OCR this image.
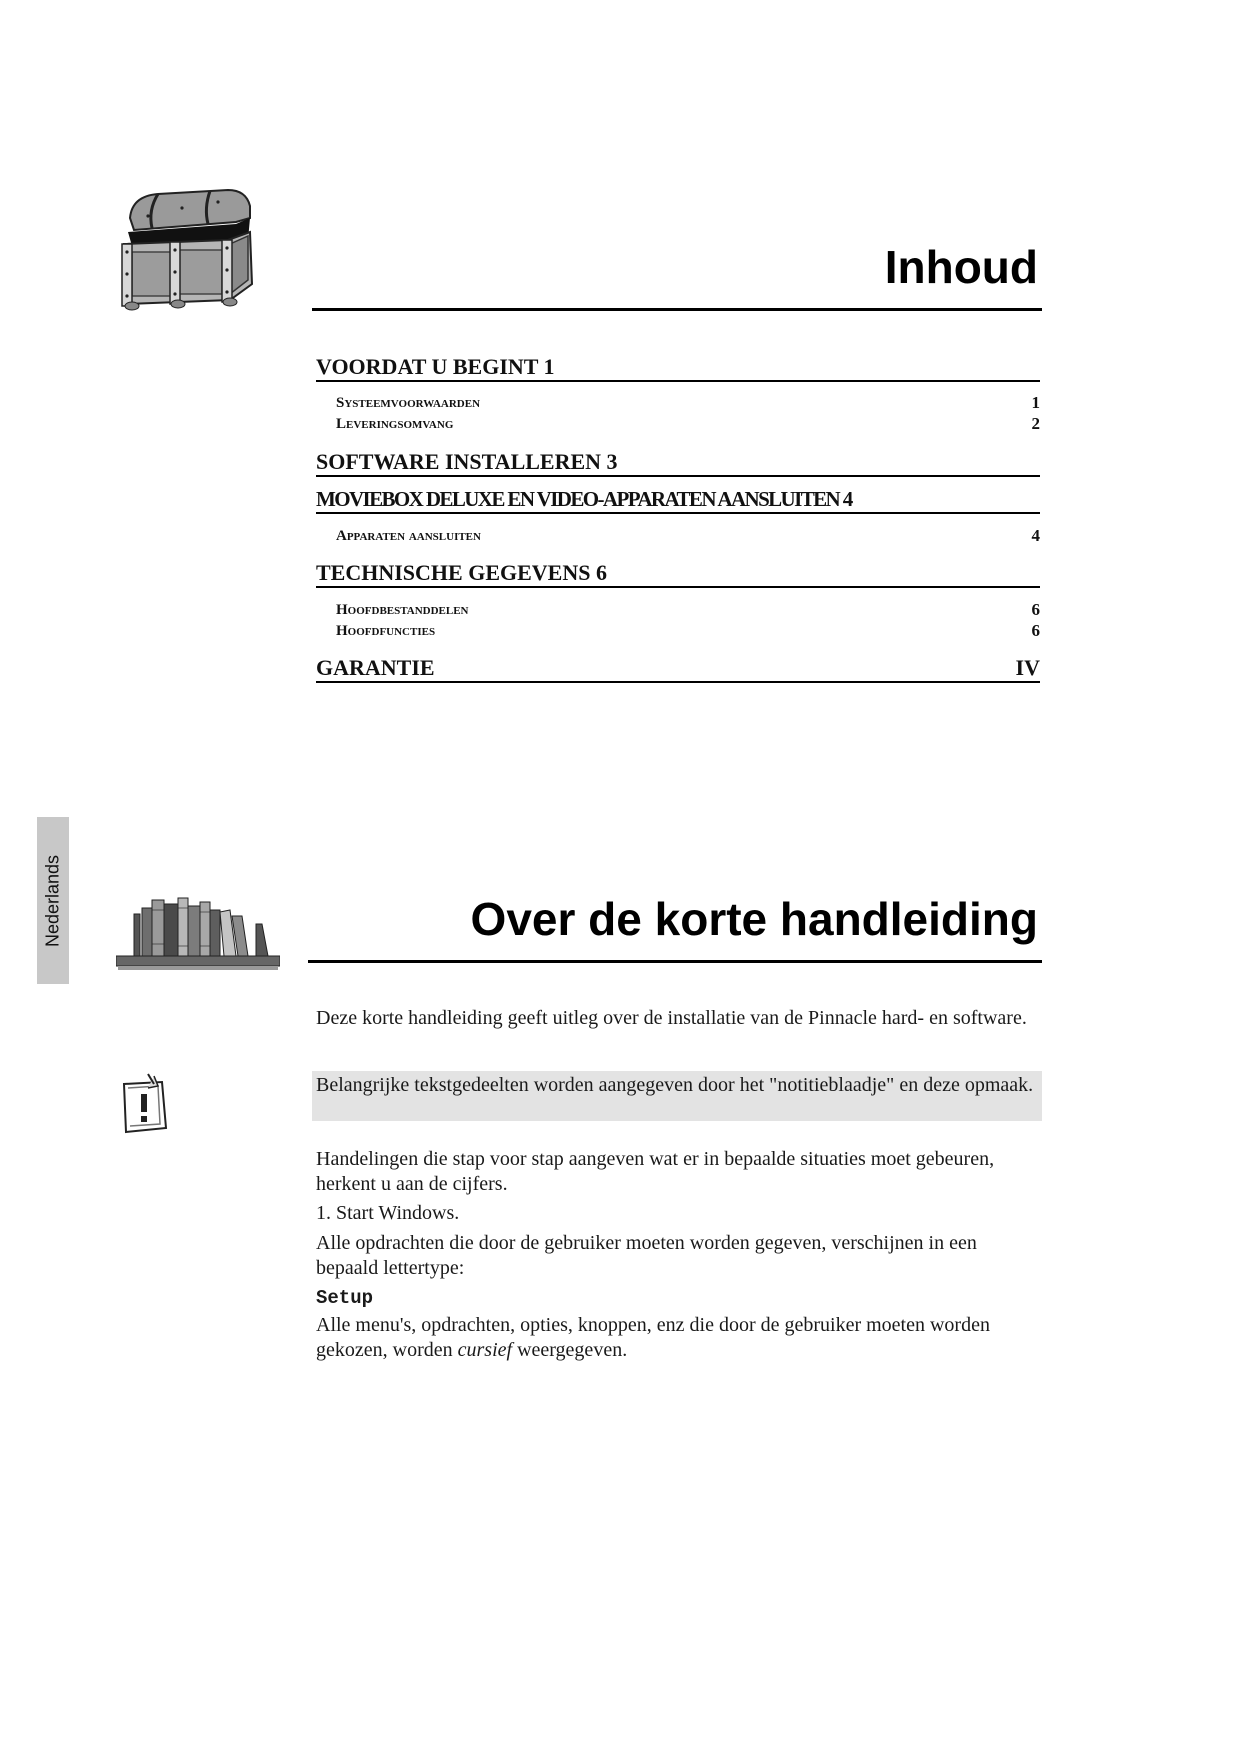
Inhoud
VOORDAT U BEGINT 1
Systeemvoorwaarden	1
Leveringsomvang	2
SOFTWARE INSTALLEREN 3
MOVIEBOX DELUXE EN VIDEO-APPARATEN AANSLUITEN 4
Apparaten aansluiten	4
TECHNISCHE GEGEVENS 6
Hoofdbestanddelen	6
Hoofdfuncties	6
GARANTIE	IV
Nederlands	Over de korte handleiding
Deze korte handleiding geeft uitleg over de installatie van de Pinnacle hard- en software.
Belangrijke tekstgedeelten worden aangegeven door het "notitieblaadje" en deze opmaak.
Handelingen die stap voor stap aangeven wat er in bepaalde situaties moet gebeuren, herkent u aan de cijfers.
1. Start Windows.
Alle opdrachten die door de gebruiker moeten worden gegeven, verschijnen in een bepaald lettertype:
Setup
Alle menu's, opdrachten, opties, knoppen, enz die door de gebruiker moeten worden gekozen, worden cursief weergegeven.
